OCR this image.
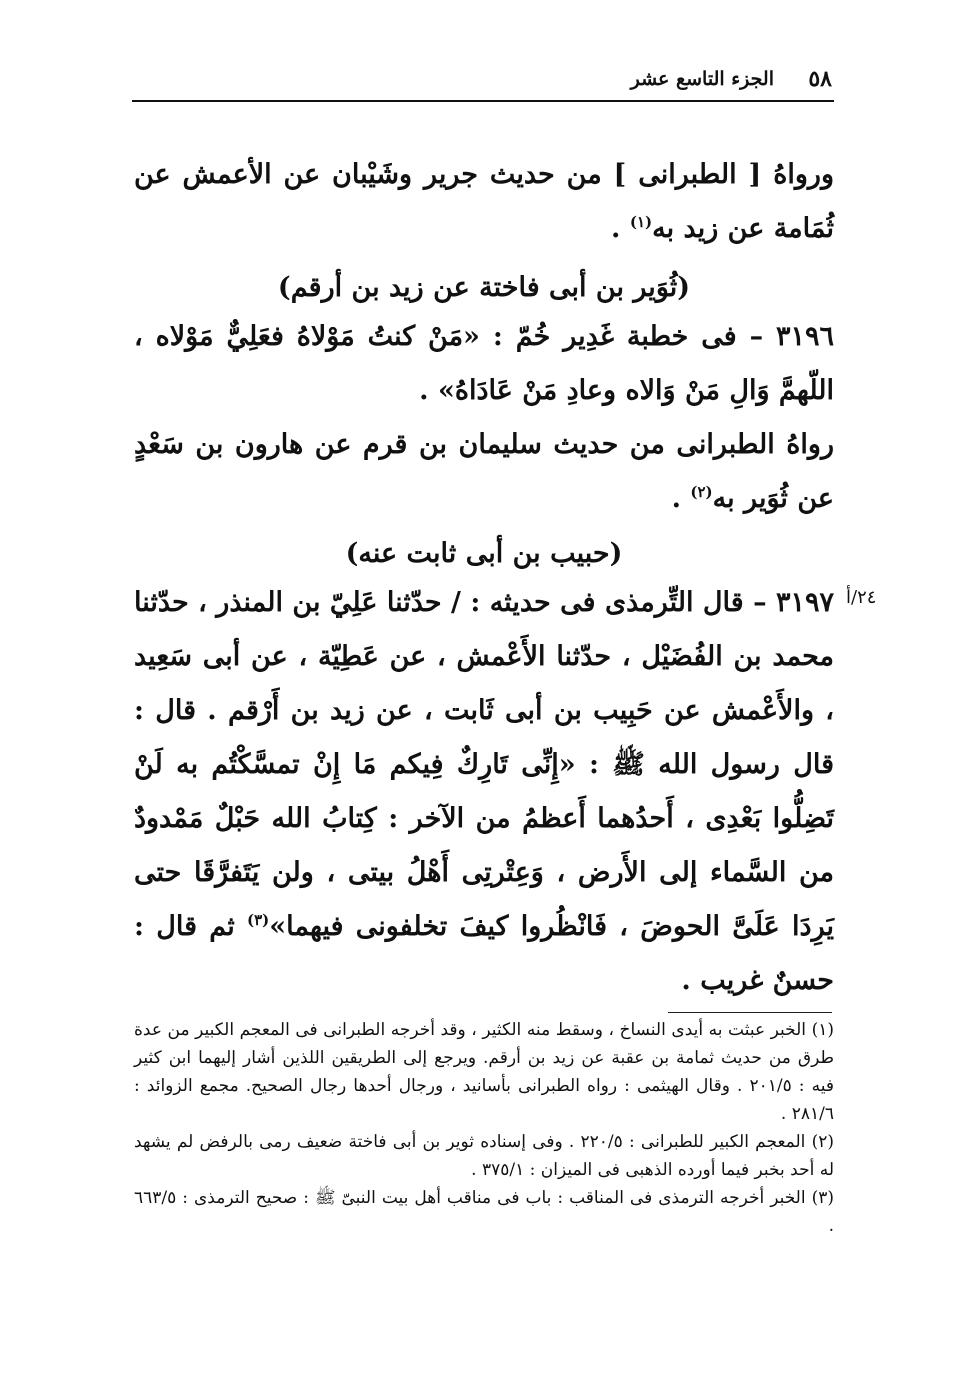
٥٨
الجزء التاسع عشر

ورواهُ [ الطبرانى ] من حديث جرير وشَيْبان عن الأعمش عن ثُمَامة عن زيد به$^{(١)}$ .

(ثُوَير بن أبى فاختة عن زيد بن أرقم)

٣١٩٦ – فى خطبة غَدِير خُمّ : «مَنْ كنتُ مَوْلاهُ فعَلِيٌّ مَوْلاه ، اللّهمَّ وَالِ مَنْ وَالاه وعادِ مَنْ عَادَاهُ» .

رواهُ الطبرانى من حديث سليمان بن قرم عن هارون بن سَعْدٍ عن ثُوَير به$^{(٢)}$ .

(حبيب بن أبى ثابت عنه)

٢٤/أ

٣١٩٧ – قال التِّرمذى فى حديثه : / حدّثنا عَلِيّ بن المنذر ، حدّثنا محمد بن الفُضَيْل ، حدّثنا الأَعْمش ، عن عَطِيّة ، عن أبى سَعِيد ، والأَعْمش عن حَبِيب بن أبى ثَابت ، عن زيد بن أَرْقم . قال : قال رسول الله ﷺ : «إِنِّى تَارِكٌ فِيكم مَا إِنْ تمسَّكْتُم به لَنْ تَضِلُّوا بَعْدِى ، أَحدُهما أَعظمُ من الآخر : كِتابُ الله حَبْلٌ مَمْدودٌ من السَّماء إلى الأَرض ، وَعِتْرتِى أَهْلُ بيتى ، ولن يَتَفرَّقَا حتى يَرِدَا عَلَىَّ الحوضَ ، فَانْظُروا كيفَ تخلفونى فيهما»$^{(٣)}$ ثم قال : حسنٌ غريب .

(١) الخبر عبثت به أيدى النساخ ، وسقط منه الكثير ، وقد أخرجه الطبرانى فى المعجم الكبير من عدة طرق من حديث ثمامة بن عقبة عن زيد بن أرقم. ويرجع إلى الطريقين اللذين أشار إليهما ابن كثير فيه : ٢٠١/٥ . وقال الهيثمى : رواه الطبرانى بأسانيد ، ورجال أحدها رجال الصحيح. مجمع الزوائد : ٢٨١/٦ .

(٢) المعجم الكبير للطبرانى : ٢٢٠/٥ . وفى إسناده ثوير بن أبى فاختة ضعيف رمى بالرفض لم يشهد له أحد بخبر فيما أورده الذهبى فى الميزان : ٣٧٥/١ .

(٣) الخبر أخرجه الترمذى فى المناقب : باب فى مناقب أهل بيت النبىّ ﷺ : صحيح الترمذى : ٦٦٣/٥ .
